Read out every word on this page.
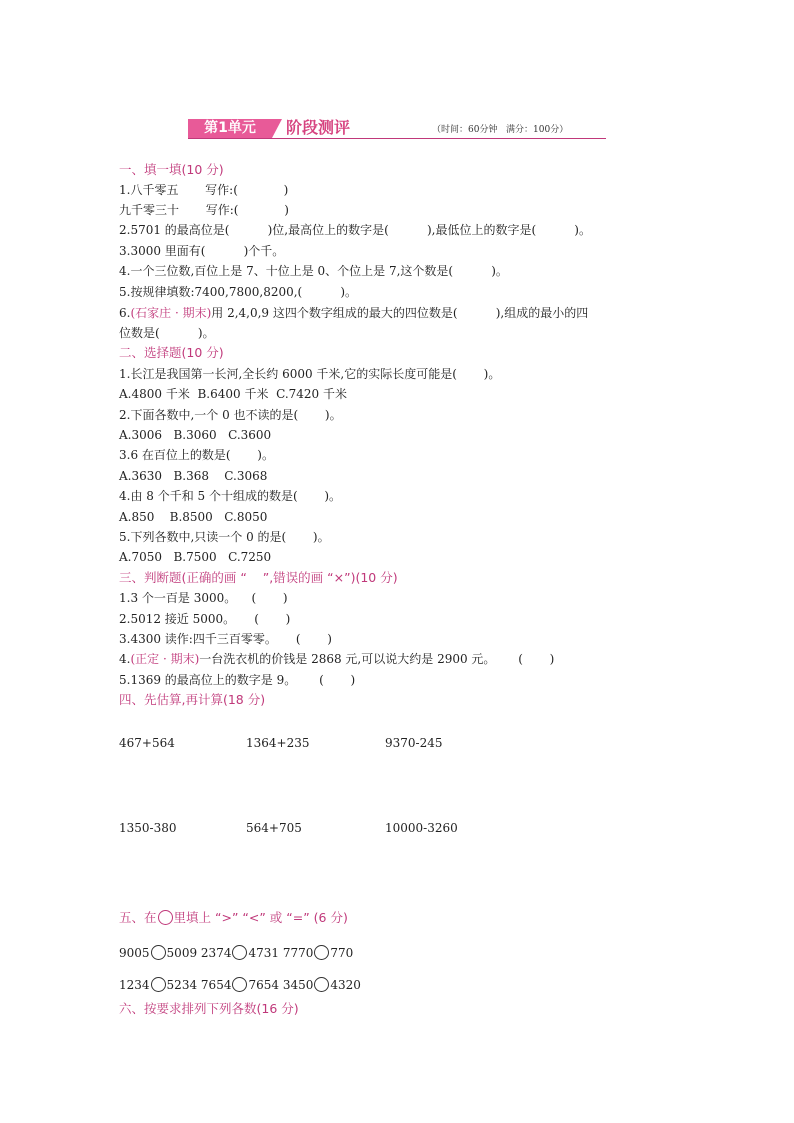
第1单元	阶段测评	（时间：60分钟   满分：100分）
一、填一填(10 分)
1.八千零五       写作:(            )
九千零三十       写作:(            )
2.5701 的最高位是(          )位,最高位上的数字是(          ),最低位上的数字是(          )。
3.3000 里面有(          )个千。
4.一个三位数,百位上是 7、十位上是 0、个位上是 7,这个数是(          )。
5.按规律填数:7400,7800,8200,(          )。
6.(石家庄 · 期末)用 2,4,0,9 这四个数字组成的最大的四位数是(          ),组成的最小的四
位数是(          )。
二、选择题(10 分)
1.长江是我国第一长河,全长约 6000 千米,它的实际长度可能是(       )。
A.4800 千米  B.6400 千米  C.7420 千米
2.下面各数中,一个 0 也不读的是(       )。
A.3006   B.3060   C.3600
3.6 在百位上的数是(       )。
A.3630   B.368    C.3068
4.由 8 个千和 5 个十组成的数是(       )。
A.850    B.8500   C.8050
5.下列各数中,只读一个 0 的是(       )。
A.7050   B.7500   C.7250
三、判断题(正确的画 “    ”,错误的画 “×”)(10 分)
1.3 个一百是 3000。    (       )
2.5012 接近 5000。     (       )
3.4300 读作:四千三百零零。     (       )
4.(正定 · 期末)一台洗衣机的价钱是 2868 元,可以说大约是 2900 元。      (       )
5.1369 的最高位上的数字是 9。      (       )
四、先估算,再计算(18 分)
467+564	1364+235	9370-245
1350-380	564+705	10000-3260
五、在 里填上 “>” “<” 或 “=” (6 分)
9005 5009 2374 4731 7770 770
1234 5234 7654 7654 3450 4320
六、按要求排列下列各数(16 分)
